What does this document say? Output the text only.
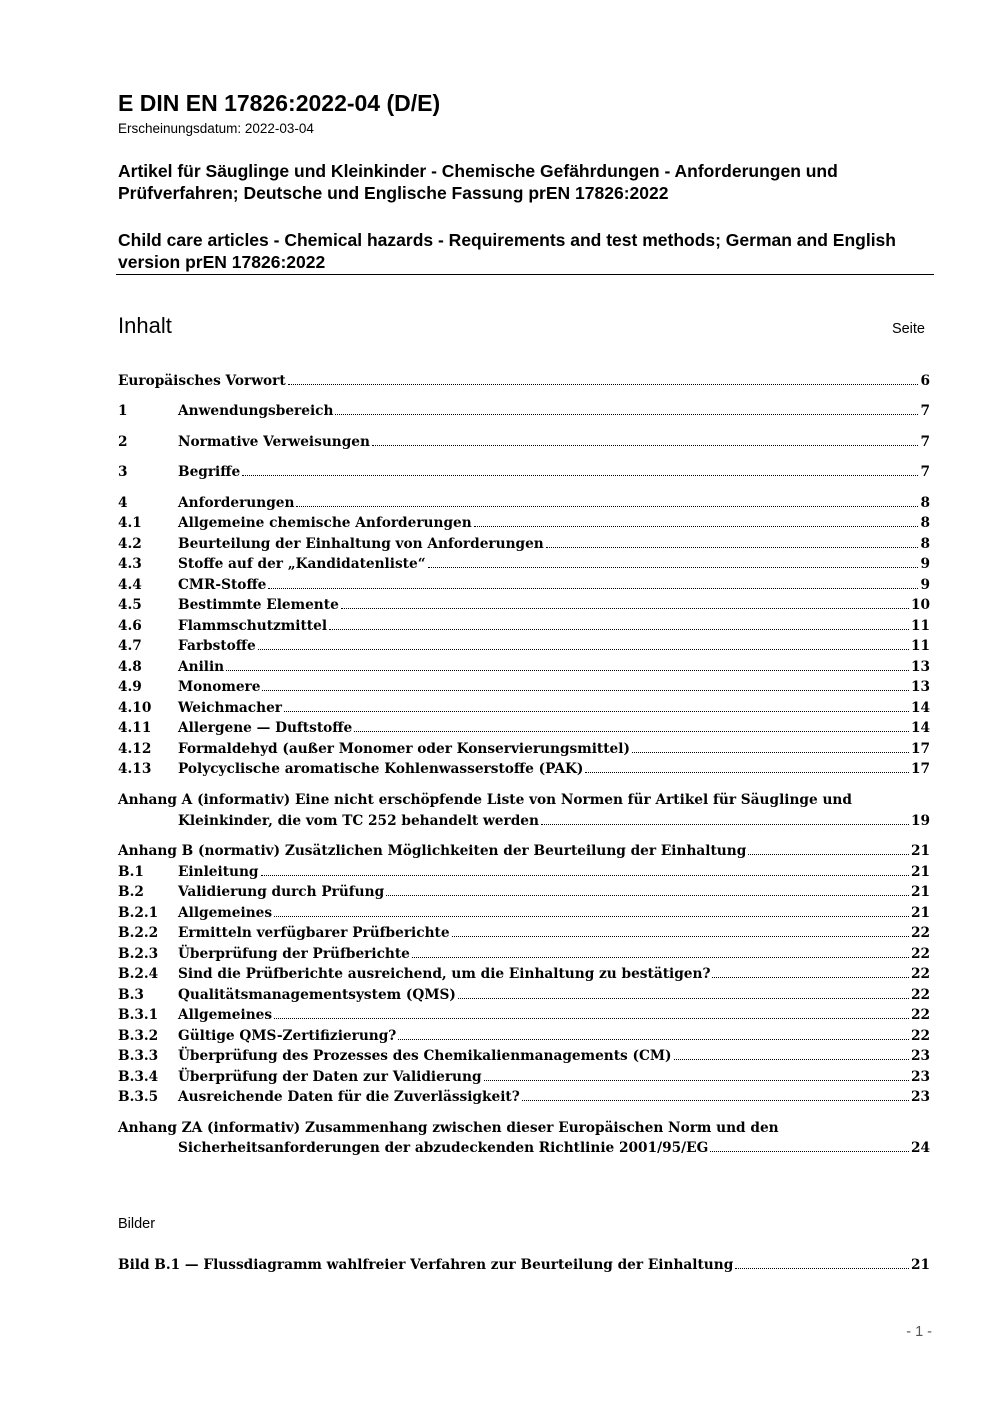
E DIN EN 17826:2022-04 (D/E)
Erscheinungsdatum: 2022-03-04
Artikel für Säuglinge und Kleinkinder - Chemische Gefährdungen - Anforderungen und Prüfverfahren; Deutsche und Englische Fassung prEN 17826:2022
Child care articles - Chemical hazards - Requirements and test methods; German and English version prEN 17826:2022
Inhalt	Seite
Europäisches Vorwort	6
1	Anwendungsbereich	7
2	Normative Verweisungen	7
3	Begriffe	7
4	Anforderungen	8
4.1	Allgemeine chemische Anforderungen	8
4.2	Beurteilung der Einhaltung von Anforderungen	8
4.3	Stoffe auf der „Kandidatenliste“	9
4.4	CMR-Stoffe	9
4.5	Bestimmte Elemente	10
4.6	Flammschutzmittel	11
4.7	Farbstoffe	11
4.8	Anilin	13
4.9	Monomere	13
4.10	Weichmacher	14
4.11	Allergene — Duftstoffe	14
4.12	Formaldehyd (außer Monomer oder Konservierungsmittel)	17
4.13	Polycyclische aromatische Kohlenwasserstoffe (PAK)	17
Anhang A (informativ) Eine nicht erschöpfende Liste von Normen für Artikel für Säuglinge und
Kleinkinder, die vom TC 252 behandelt werden	19
Anhang B (normativ) Zusätzlichen Möglichkeiten der Beurteilung der Einhaltung	21
B.1	Einleitung	21
B.2	Validierung durch Prüfung	21
B.2.1	Allgemeines	21
B.2.2	Ermitteln verfügbarer Prüfberichte	22
B.2.3	Überprüfung der Prüfberichte	22
B.2.4	Sind die Prüfberichte ausreichend, um die Einhaltung zu bestätigen?	22
B.3	Qualitätsmanagementsystem (QMS)	22
B.3.1	Allgemeines	22
B.3.2	Gültige QMS-Zertifizierung?	22
B.3.3	Überprüfung des Prozesses des Chemikalienmanagements (CM)	23
B.3.4	Überprüfung der Daten zur Validierung	23
B.3.5	Ausreichende Daten für die Zuverlässigkeit?	23
Anhang ZA (informativ) Zusammenhang zwischen dieser Europäischen Norm und den
Sicherheitsanforderungen der abzudeckenden Richtlinie 2001/95/EG	24
Bild B.1 — Flussdiagramm wahlfreier Verfahren zur Beurteilung der Einhaltung	21
Bilder
- 1 -
